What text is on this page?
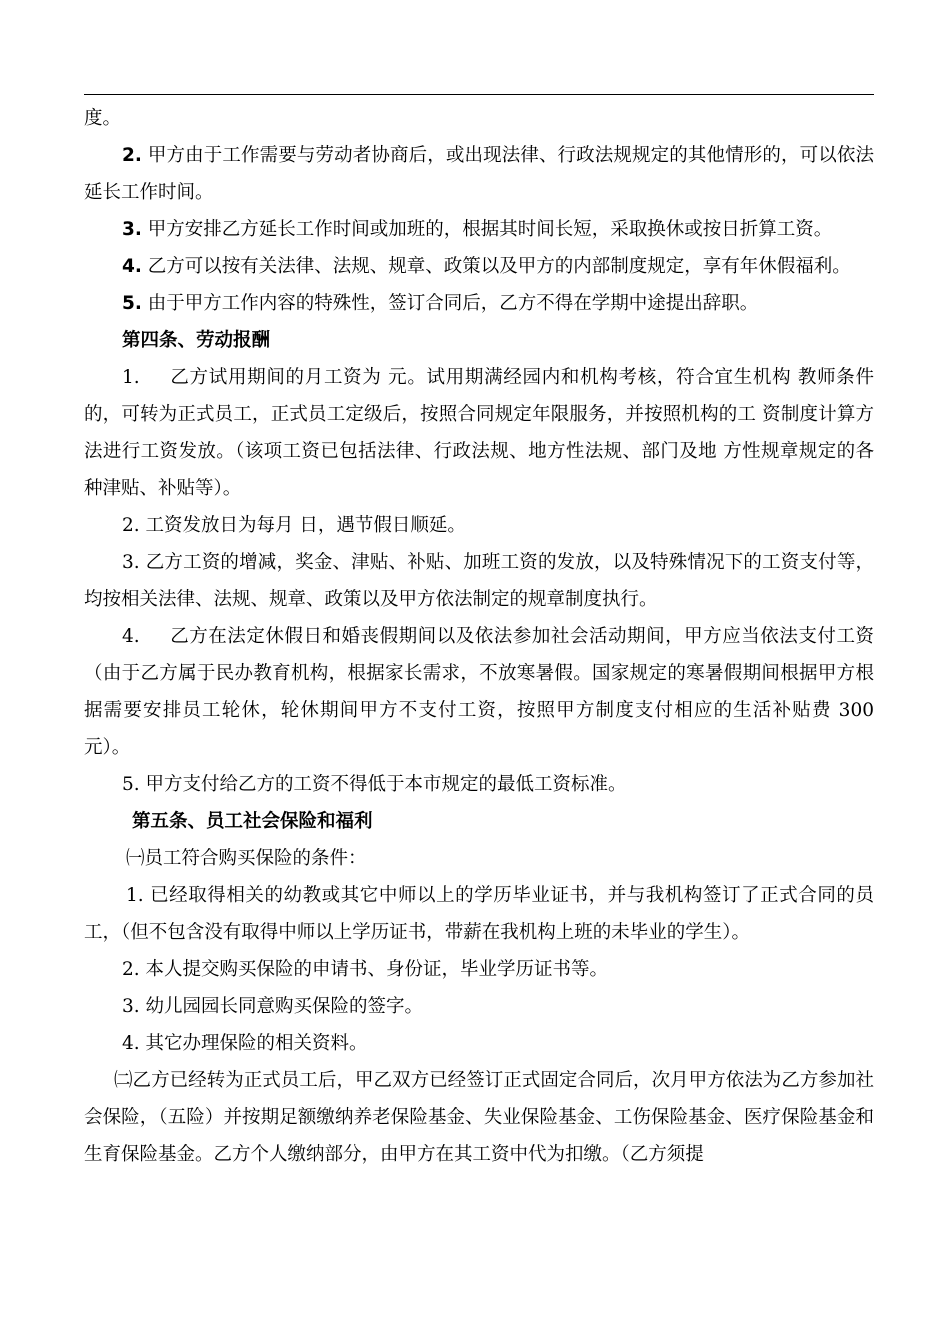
度。

2. 甲方由于工作需要与劳动者协商后，或出现法律、行政法规规定的其他情形的，可以依法延长工作时间。

3. 甲方安排乙方延长工作时间或加班的，根据其时间长短，采取换休或按日折算工资。

4. 乙方可以按有关法律、法规、规章、政策以及甲方的内部制度规定，享有年休假福利。

5. 由于甲方工作内容的特殊性，签订合同后，乙方不得在学期中途提出辞职。

第四条、劳动报酬

1. 乙方试用期间的月工资为 元。试用期满经园内和机构考核，符合宜生机构 教师条件的，可转为正式员工，正式员工定级后，按照合同规定年限服务，并按照机构的工 资制度计算方法进行工资发放。（该项工资已包括法律、行政法规、地方性法规、部门及地 方性规章规定的各种津贴、补贴等）。

2. 工资发放日为每月 日，遇节假日顺延。

3. 乙方工资的增减，奖金、津贴、补贴、加班工资的发放，以及特殊情况下的工资支付等，均按相关法律、法规、规章、政策以及甲方依法制定的规章制度执行。

4. 乙方在法定休假日和婚丧假期间以及依法参加社会活动期间，甲方应当依法支付工资（由于乙方属于民办教育机构，根据家长需求，不放寒暑假。国家规定的寒暑假期间根据甲方根据需要安排员工轮休，轮休期间甲方不支付工资，按照甲方制度支付相应的生活补贴费 300 元）。

5. 甲方支付给乙方的工资不得低于本市规定的最低工资标准。

第五条、员工社会保险和福利

㈠员工符合购买保险的条件：

1. 已经取得相关的幼教或其它中师以上的学历毕业证书，并与我机构签订了正式合同的员工，（但不包含没有取得中师以上学历证书，带薪在我机构上班的未毕业的学生）。

2. 本人提交购买保险的申请书、身份证，毕业学历证书等。

3. 幼儿园园长同意购买保险的签字。

4. 其它办理保险的相关资料。

㈡乙方已经转为正式员工后，甲乙双方已经签订正式固定合同后，次月甲方依法为乙方参加社会保险，（五险）并按期足额缴纳养老保险基金、失业保险基金、工伤保险基金、医疗保险基金和生育保险基金。乙方个人缴纳部分，由甲方在其工资中代为扣缴。（乙方须提
